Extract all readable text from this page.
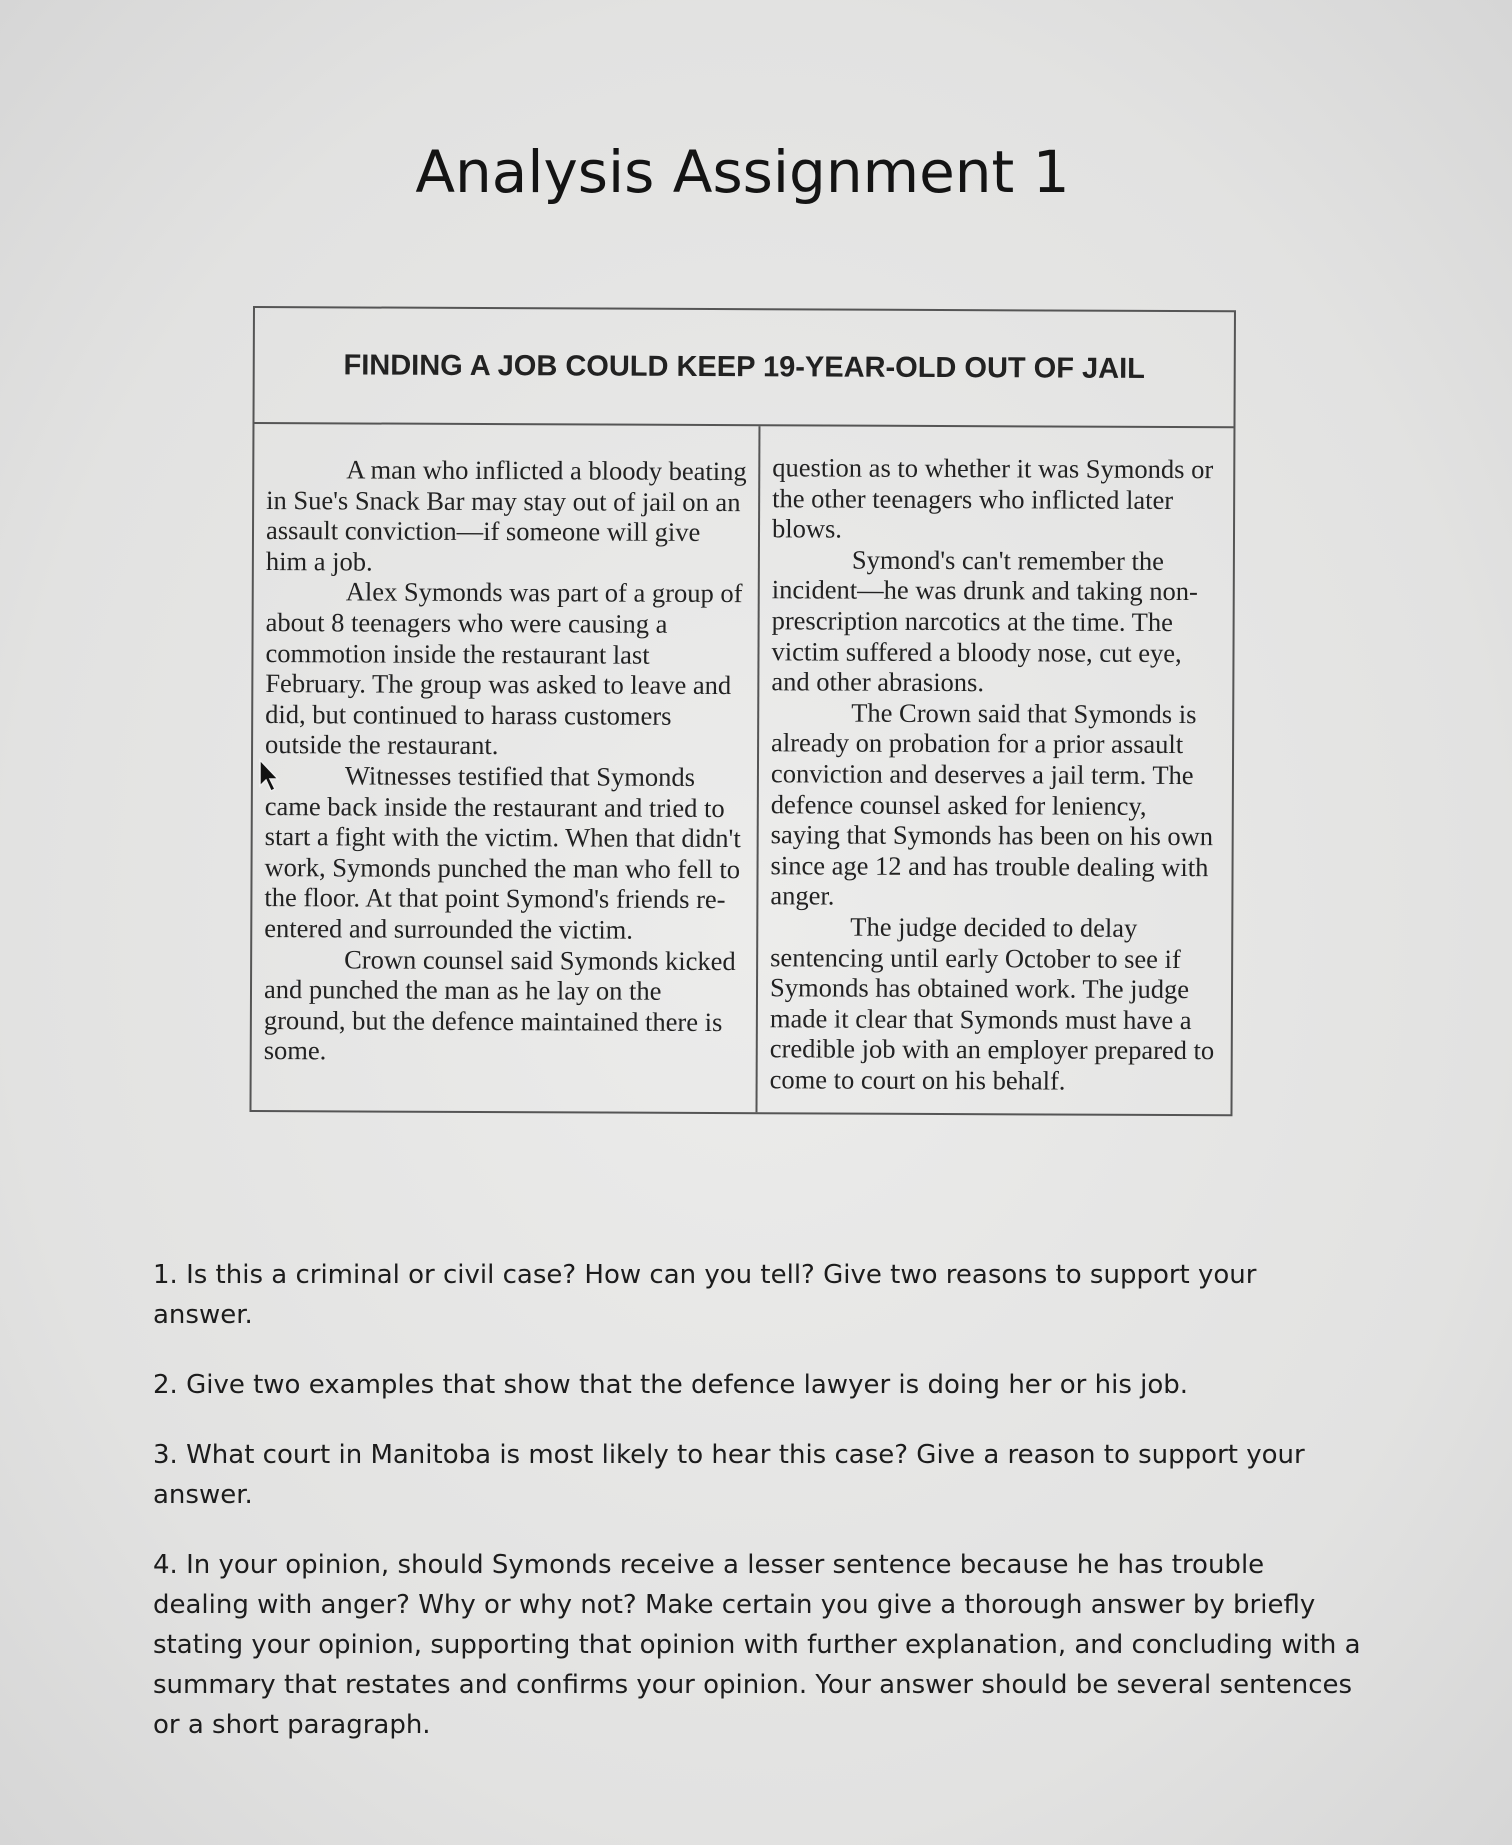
Analysis Assignment 1
FINDING A JOB COULD KEEP 19-YEAR-OLD OUT OF JAIL

A man who inflicted a bloody beating in Sue's Snack Bar may stay out of jail on an assault conviction—if someone will give him a job.

Alex Symonds was part of a group of about 8 teenagers who were causing a commotion inside the restaurant last February. The group was asked to leave and did, but continued to harass customers outside the restaurant.

Witnesses testified that Symonds came back inside the restaurant and tried to start a fight with the victim. When that didn't work, Symonds punched the man who fell to the floor. At that point Symond's friends re-entered and surrounded the victim.

Crown counsel said Symonds kicked and punched the man as he lay on the ground, but the defence maintained there is some.

question as to whether it was Symonds or the other teenagers who inflicted later blows.

Symond's can't remember the incident—he was drunk and taking non-prescription narcotics at the time. The victim suffered a bloody nose, cut eye, and other abrasions.

The Crown said that Symonds is already on probation for a prior assault conviction and deserves a jail term. The defence counsel asked for leniency, saying that Symonds has been on his own since age 12 and has trouble dealing with anger.

The judge decided to delay sentencing until early October to see if Symonds has obtained work. The judge made it clear that Symonds must have a credible job with an employer prepared to come to court on his behalf.

1. Is this a criminal or civil case? How can you tell? Give two reasons to support your answer.

2. Give two examples that show that the defence lawyer is doing her or his job.

3. What court in Manitoba is most likely to hear this case? Give a reason to support your answer.

4. In your opinion, should Symonds receive a lesser sentence because he has trouble dealing with anger? Why or why not? Make certain you give a thorough answer by briefly stating your opinion, supporting that opinion with further explanation, and concluding with a summary that restates and confirms your opinion. Your answer should be several sentences or a short paragraph.
